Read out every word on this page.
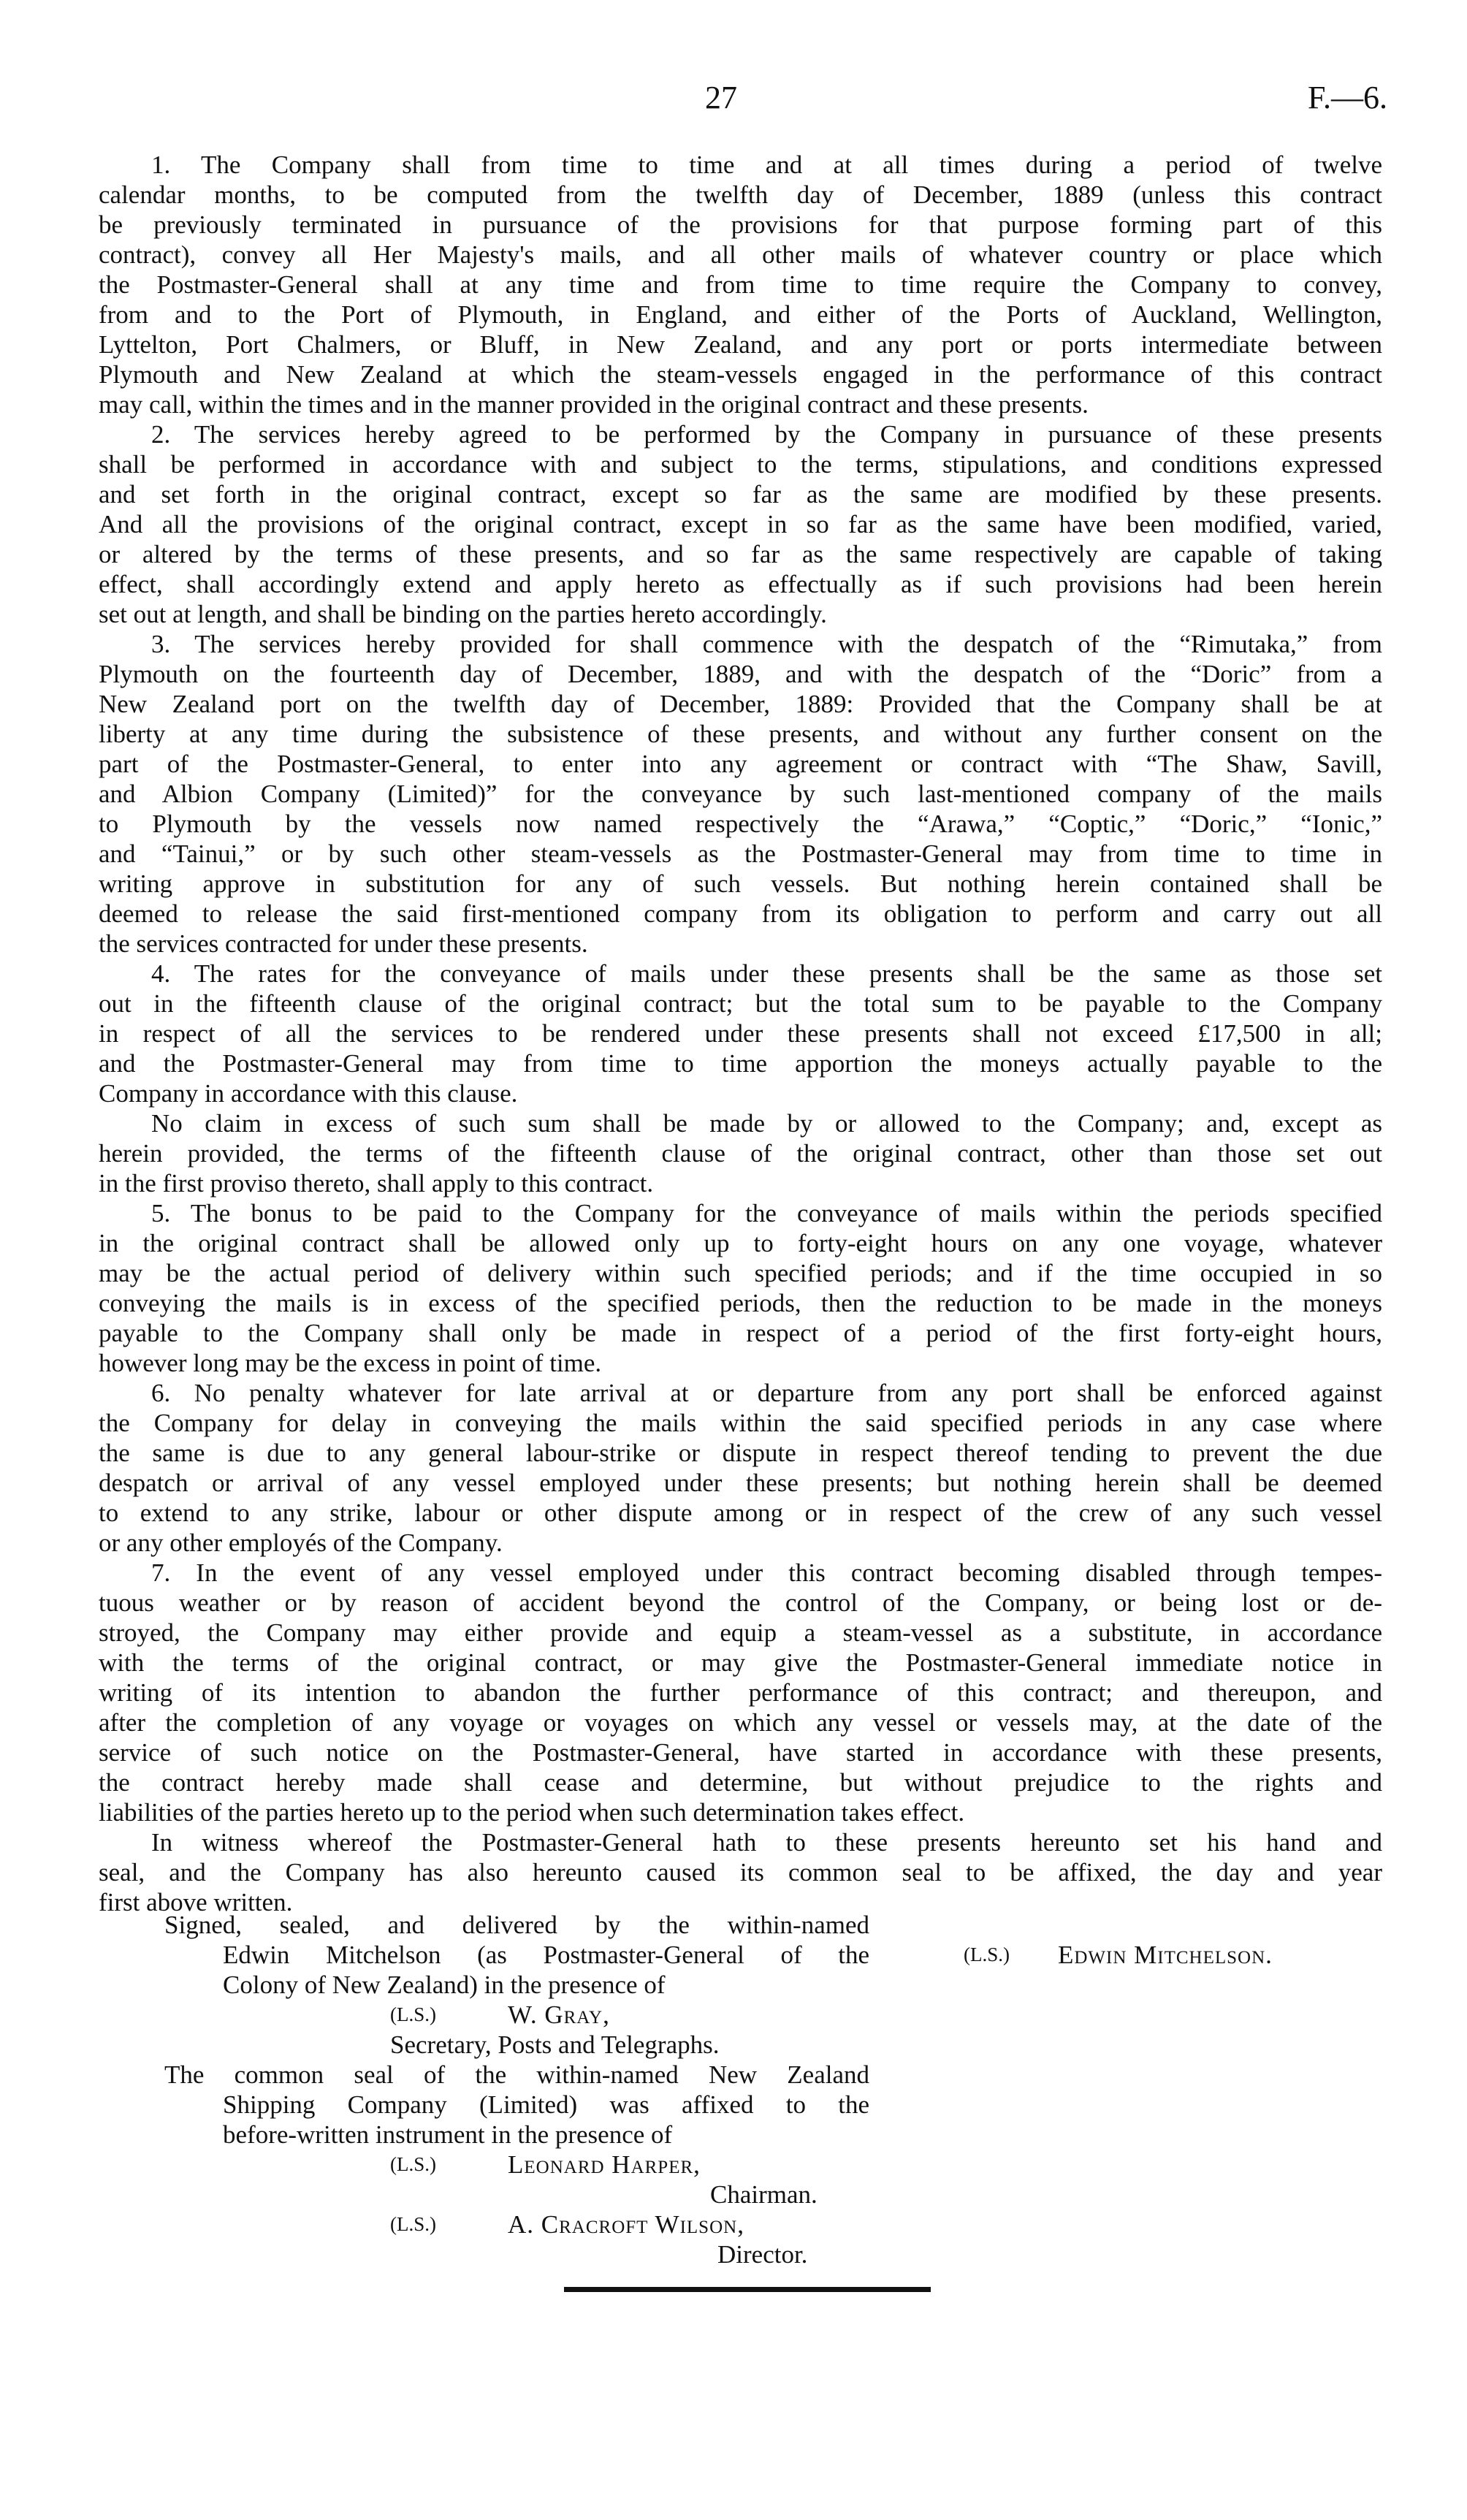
27	F.—6.
1. The Company shall from time to time and at all times during a period of twelve
calendar months, to be computed from the twelfth day of December, 1889 (unless this contract
be previously terminated in pursuance of the provisions for that purpose forming part of this
contract), convey all Her Majesty's mails, and all other mails of whatever country or place which
the Postmaster-General shall at any time and from time to time require the Company to convey,
from and to the Port of Plymouth, in England, and either of the Ports of Auckland, Wellington,
Lyttelton, Port Chalmers, or Bluff, in New Zealand, and any port or ports intermediate between
Plymouth and New Zealand at which the steam-vessels engaged in the performance of this contract
may call, within the times and in the manner provided in the original contract and these presents.
2. The services hereby agreed to be performed by the Company in pursuance of these presents
shall be performed in accordance with and subject to the terms, stipulations, and conditions expressed
and set forth in the original contract, except so far as the same are modified by these presents.
And all the provisions of the original contract, except in so far as the same have been modified, varied,
or altered by the terms of these presents, and so far as the same respectively are capable of taking
effect, shall accordingly extend and apply hereto as effectually as if such provisions had been herein
set out at length, and shall be binding on the parties hereto accordingly.
3. The services hereby provided for shall commence with the despatch of the “Rimutaka,” from
Plymouth on the fourteenth day of December, 1889, and with the despatch of the “Doric” from a
New Zealand port on the twelfth day of December, 1889: Provided that the Company shall be at
liberty at any time during the subsistence of these presents, and without any further consent on the
part of the Postmaster-General, to enter into any agreement or contract with “The Shaw, Savill,
and Albion Company (Limited)” for the conveyance by such last-mentioned company of the mails
to Plymouth by the vessels now named respectively the “Arawa,” “Coptic,” “Doric,” “Ionic,”
and “Tainui,” or by such other steam-vessels as the Postmaster-General may from time to time in
writing approve in substitution for any of such vessels. But nothing herein contained shall be
deemed to release the said first-mentioned company from its obligation to perform and carry out all
the services contracted for under these presents.
4. The rates for the conveyance of mails under these presents shall be the same as those set
out in the fifteenth clause of the original contract; but the total sum to be payable to the Company
in respect of all the services to be rendered under these presents shall not exceed £17,500 in all;
and the Postmaster-General may from time to time apportion the moneys actually payable to the
Company in accordance with this clause.
No claim in excess of such sum shall be made by or allowed to the Company; and, except as
herein provided, the terms of the fifteenth clause of the original contract, other than those set out
in the first proviso thereto, shall apply to this contract.
5. The bonus to be paid to the Company for the conveyance of mails within the periods specified
in the original contract shall be allowed only up to forty-eight hours on any one voyage, whatever
may be the actual period of delivery within such specified periods; and if the time occupied in so
conveying the mails is in excess of the specified periods, then the reduction to be made in the moneys
payable to the Company shall only be made in respect of a period of the first forty-eight hours,
however long may be the excess in point of time.
6. No penalty whatever for late arrival at or departure from any port shall be enforced against
the Company for delay in conveying the mails within the said specified periods in any case where
the same is due to any general labour-strike or dispute in respect thereof tending to prevent the due
despatch or arrival of any vessel employed under these presents; but nothing herein shall be deemed
to extend to any strike, labour or other dispute among or in respect of the crew of any such vessel
or any other employés of the Company.
7. In the event of any vessel employed under this contract becoming disabled through tempes-
tuous weather or by reason of accident beyond the control of the Company, or being lost or de-
stroyed, the Company may either provide and equip a steam-vessel as a substitute, in accordance
with the terms of the original contract, or may give the Postmaster-General immediate notice in
writing of its intention to abandon the further performance of this contract; and thereupon, and
after the completion of any voyage or voyages on which any vessel or vessels may, at the date of the
service of such notice on the Postmaster-General, have started in accordance with these presents,
the contract hereby made shall cease and determine, but without prejudice to the rights and
liabilities of the parties hereto up to the period when such determination takes effect.
In witness whereof the Postmaster-General hath to these presents hereunto set his hand and
seal, and the Company has also hereunto caused its common seal to be affixed, the day and year
first above written.
Signed, sealed, and delivered by the within-named
Edwin Mitchelson (as Postmaster-General of the
Colony of New Zealand) in the presence of
(L.S.) Edwin Mitchelson.
(L.S.)	W. Gray,
Secretary, Posts and Telegraphs.
The common seal of the within-named New Zealand
Shipping Company (Limited) was affixed to the
before-written instrument in the presence of
(L.S.)	Leonard Harper,
Chairman.
(L.S.)	A. Cracroft Wilson,
Director.
